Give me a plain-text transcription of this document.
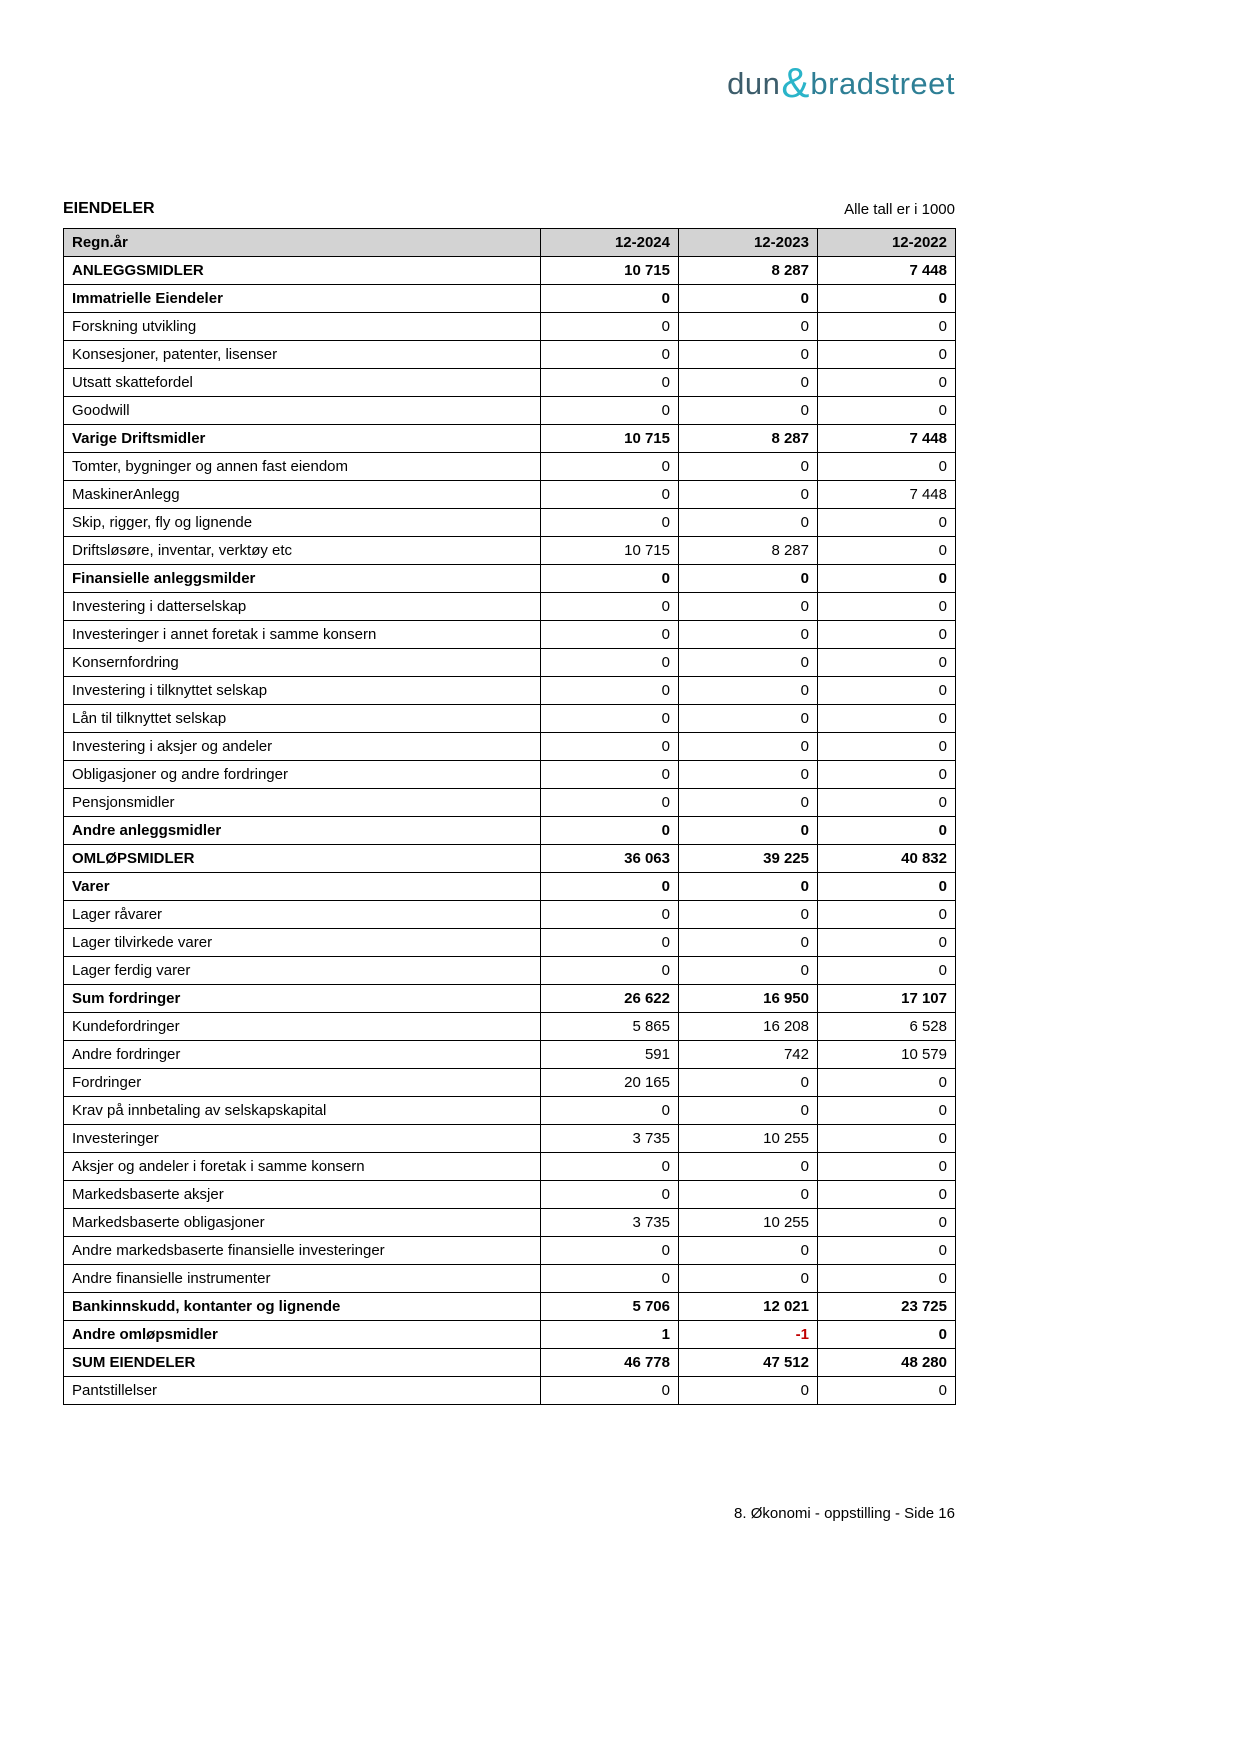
dun & bradstreet
EIENDELER	Alle tall er i 1000
Regn.år	12-2024	12-2023	12-2022
ANLEGGSMIDLER	10 715	8 287	7 448
Immatrielle Eiendeler	0	0	0
Forskning utvikling	0	0	0
Konsesjoner, patenter, lisenser	0	0	0
Utsatt skattefordel	0	0	0
Goodwill	0	0	0
Varige Driftsmidler	10 715	8 287	7 448
Tomter, bygninger og annen fast eiendom	0	0	0
MaskinerAnlegg	0	0	7 448
Skip, rigger, fly og lignende	0	0	0
Driftsløsøre, inventar, verktøy etc	10 715	8 287	0
Finansielle anleggsmilder	0	0	0
Investering i datterselskap	0	0	0
Investeringer i annet foretak i samme konsern	0	0	0
Konsernfordring	0	0	0
Investering i tilknyttet selskap	0	0	0
Lån til tilknyttet selskap	0	0	0
Investering i aksjer og andeler	0	0	0
Obligasjoner og andre fordringer	0	0	0
Pensjonsmidler	0	0	0
Andre anleggsmidler	0	0	0
OMLØPSMIDLER	36 063	39 225	40 832
Varer	0	0	0
Lager råvarer	0	0	0
Lager tilvirkede varer	0	0	0
Lager ferdig varer	0	0	0
Sum fordringer	26 622	16 950	17 107
Kundefordringer	5 865	16 208	6 528
Andre fordringer	591	742	10 579
Fordringer	20 165	0	0
Krav på innbetaling av selskapskapital	0	0	0
Investeringer	3 735	10 255	0
Aksjer og andeler i foretak i samme konsern	0	0	0
Markedsbaserte aksjer	0	0	0
Markedsbaserte obligasjoner	3 735	10 255	0
Andre markedsbaserte finansielle investeringer	0	0	0
Andre finansielle instrumenter	0	0	0
Bankinnskudd, kontanter og lignende	5 706	12 021	23 725
Andre omløpsmidler	1	-1	0
SUM EIENDELER	46 778	47 512	48 280
Pantstillelser	0	0	0
8. Økonomi - oppstilling - Side 16
